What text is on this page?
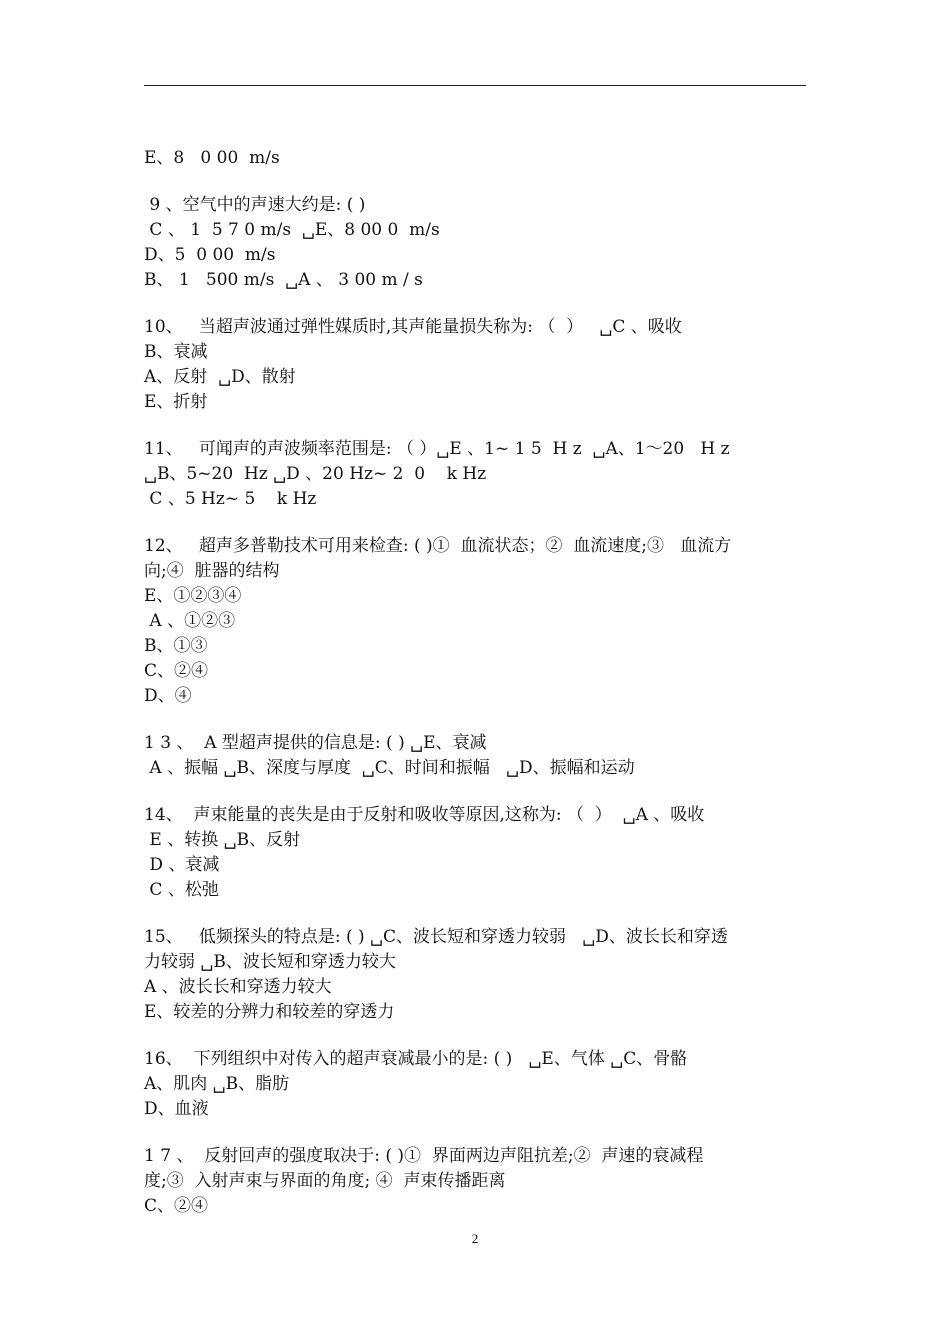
E、8   0 00  m/s
9 、空气中的声速大约是: ( )
C 、 1  5 7 0 m/s  ␣E、8 00 0  m/s
D、5  0 00  m/s
B、 1   500 m/s  ␣A 、 3 00 m / s
10、   当超声波通过弹性媒质时,其声能量损失称为: （  ）   ␣C 、吸收
B、衰减
A、反射  ␣D、散射
E、折射
11、   可闻声的声波频率范围是: （ ）␣E 、1~ 1 5  H z  ␣A、1～20   H z
␣B、5~20  Hz ␣D 、20 Hz~ 2  0    k Hz
C 、5 Hz~ 5    k Hz
12、   超声多普勒技术可用来检查: ( )①  血流状态；②  血流速度;③   血流方
向;④  脏器的结构
E、①②③④
A 、①②③
B、①③
C、②④
D、④
1 3 、  A 型超声提供的信息是: ( ) ␣E、衰减
A 、振幅 ␣B、深度与厚度  ␣C、时间和振幅   ␣D、振幅和运动
14、  声束能量的丧失是由于反射和吸收等原因,这称为: （  ）  ␣A 、吸收
E 、转换 ␣B、反射
D 、衰减
C 、松弛
15、   低频探头的特点是: ( ) ␣C、波长短和穿透力较弱   ␣D、波长长和穿透
力较弱 ␣B、波长短和穿透力较大
A 、波长长和穿透力较大
E、较差的分辨力和较差的穿透力
16、  下列组织中对传入的超声衰减最小的是: ( )   ␣E、气体 ␣C、骨骼
A、肌肉 ␣B、脂肪
D、血液
1 7 、  反射回声的强度取决于: ( )①  界面两边声阻抗差;②  声速的衰减程
度;③  入射声束与界面的角度; ④  声束传播距离
C、②④
2
